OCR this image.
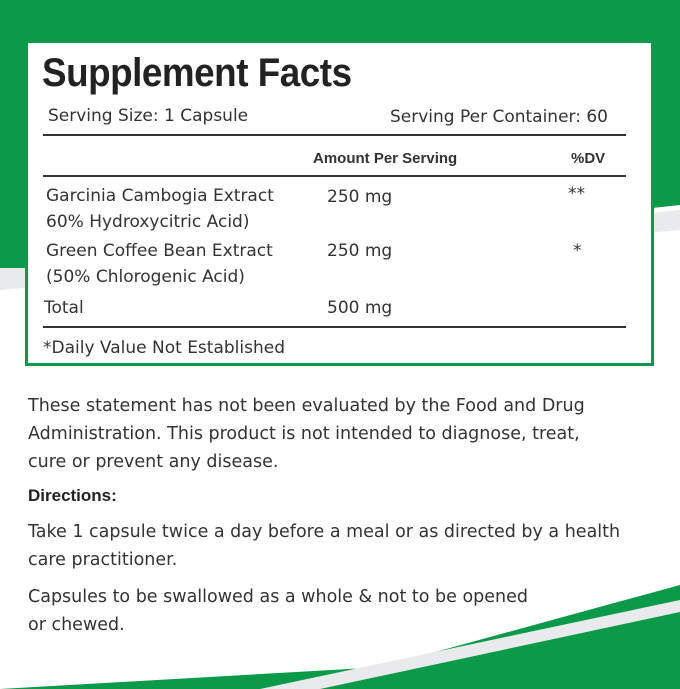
Supplement Facts
Serving Size: 1 Capsule	Serving Per Container: 60
Amount Per Serving	%DV
Garcinia Cambogia Extract
60% Hydroxycitric Acid)
250 mg	**
Green Coffee Bean Extract
(50% Chlorogenic Acid)
250 mg	*
Total	500 mg
*Daily Value Not Established
These statement has not been evaluated by the Food and Drug
Administration. This product is not intended to diagnose, treat,
cure or prevent any disease.
Directions:
Take 1 capsule twice a day before a meal or as directed by a health
care practitioner.
Capsules to be swallowed as a whole & not to be opened
or chewed.
